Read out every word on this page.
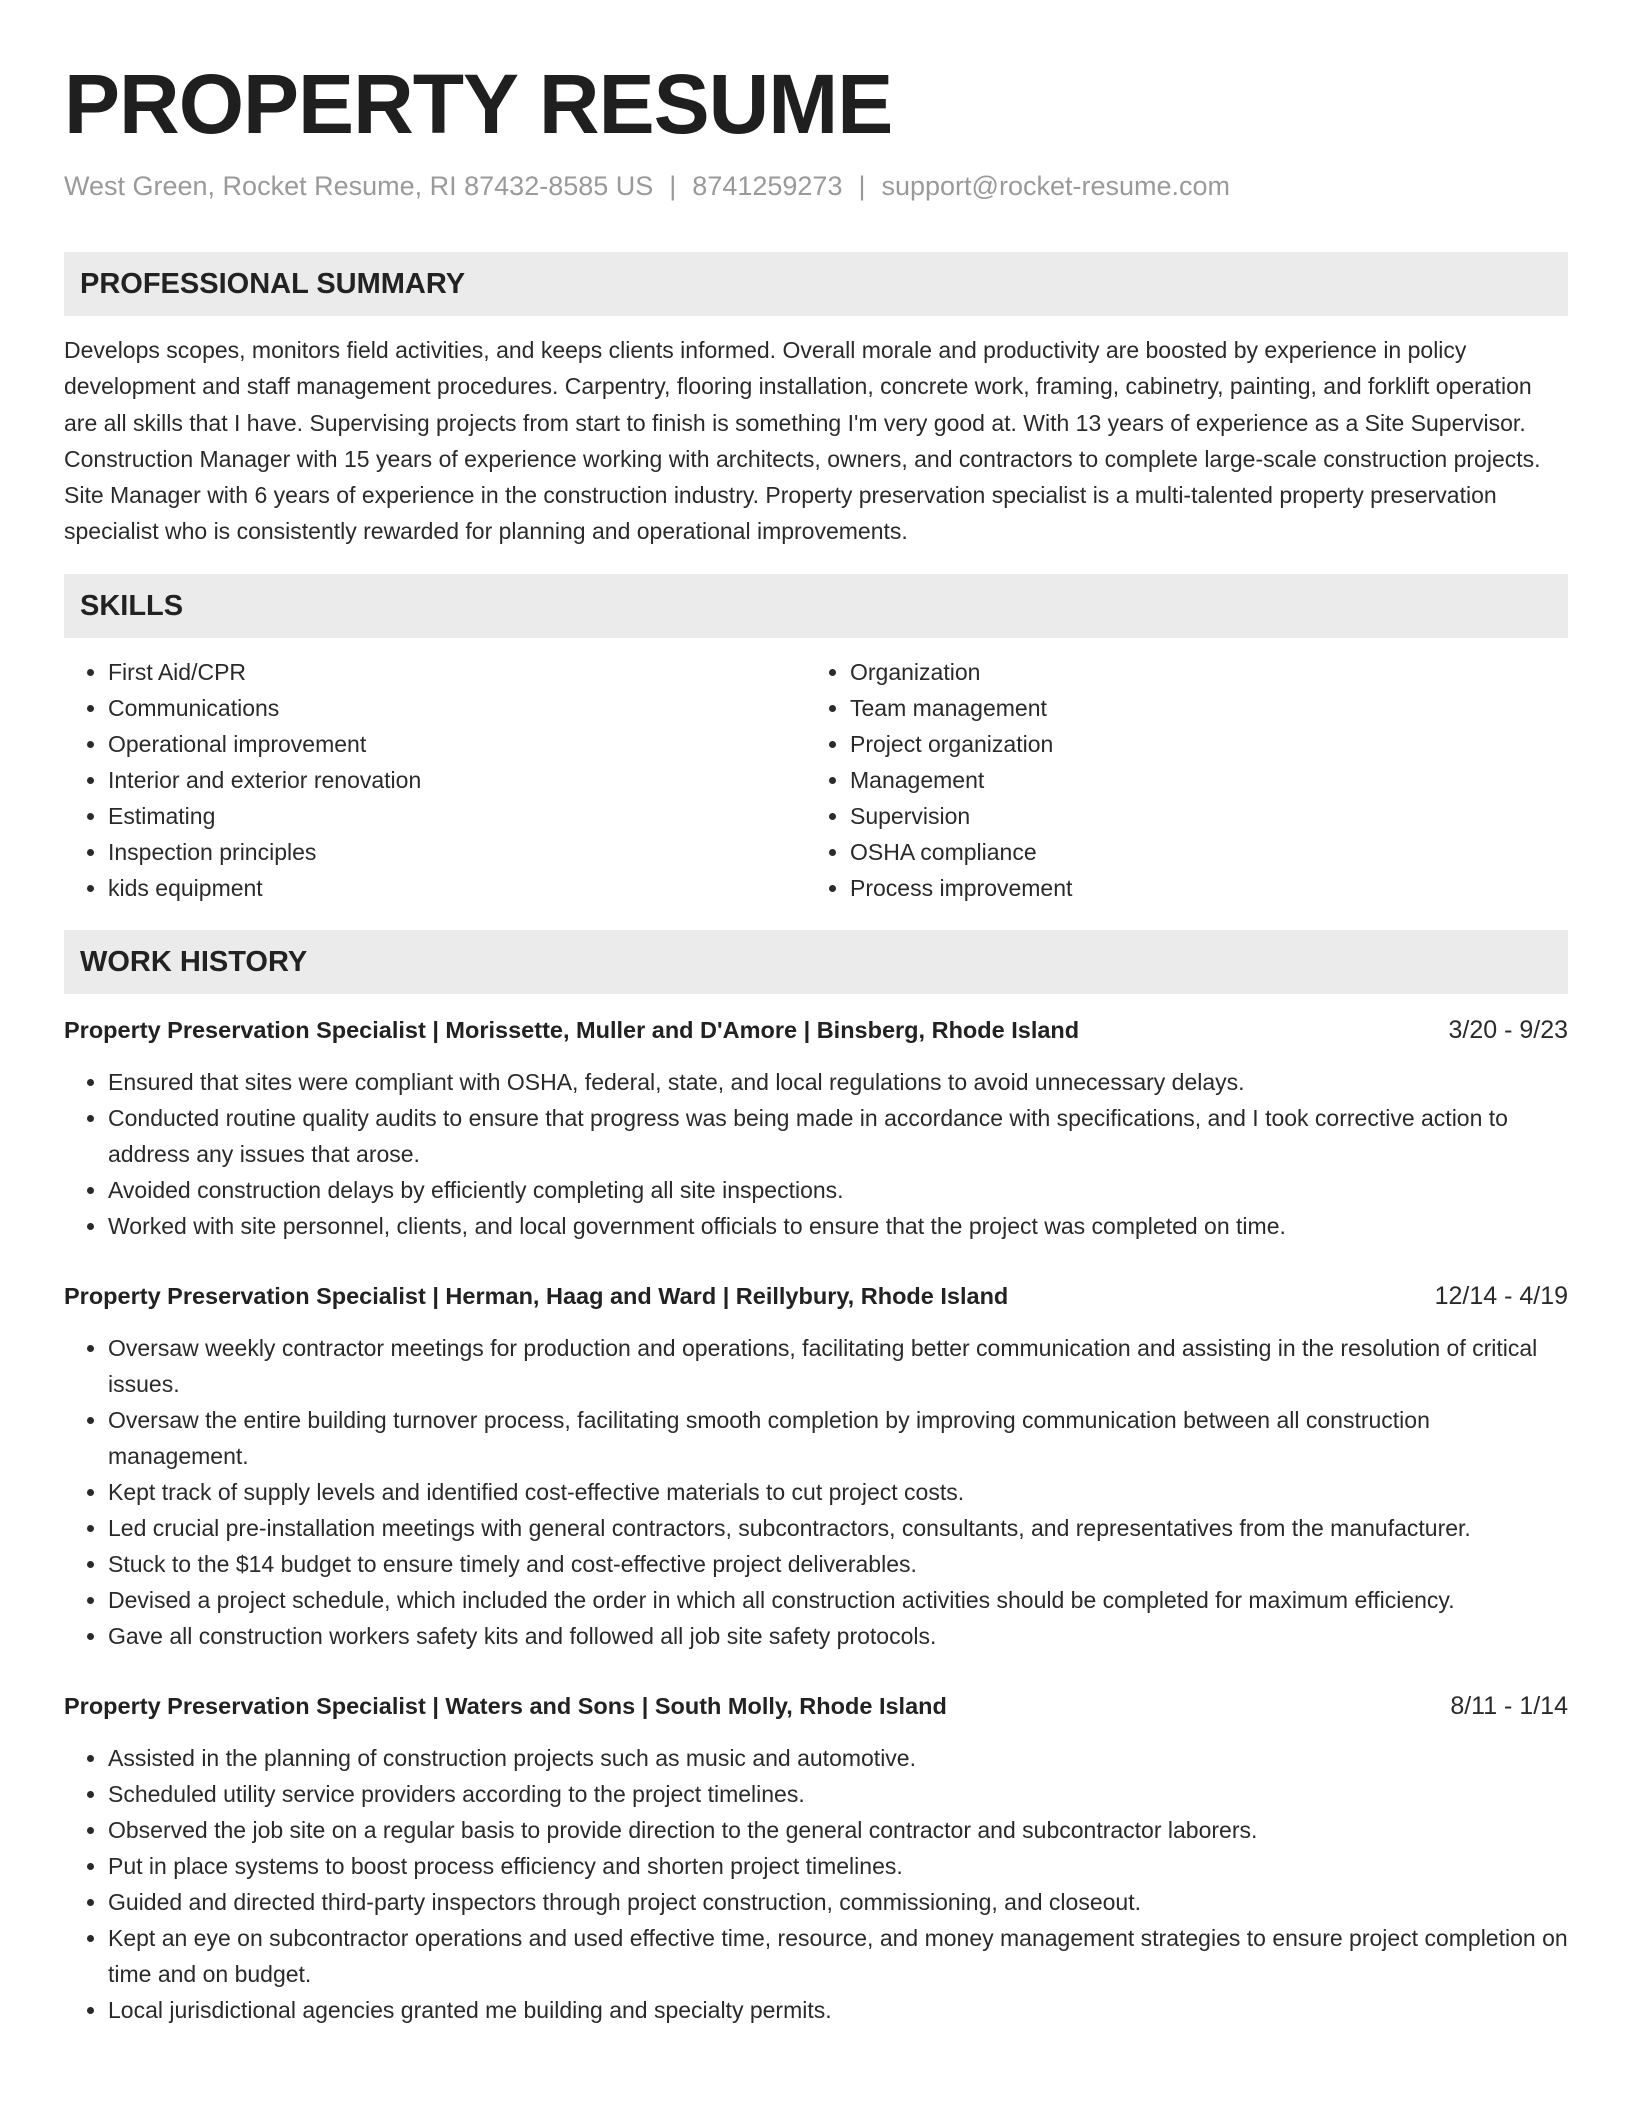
PROPERTY RESUME
West Green, Rocket Resume, RI 87432-8585 US | 8741259273 | support@rocket-resume.com
PROFESSIONAL SUMMARY

Develops scopes, monitors field activities, and keeps clients informed. Overall morale and productivity are boosted by experience in policy development and staff management procedures. Carpentry, flooring installation, concrete work, framing, cabinetry, painting, and forklift operation are all skills that I have. Supervising projects from start to finish is something I'm very good at. With 13 years of experience as a Site Supervisor. Construction Manager with 15 years of experience working with architects, owners, and contractors to complete large-scale construction projects. Site Manager with 6 years of experience in the construction industry. Property preservation specialist is a multi-talented property preservation specialist who is consistently rewarded for planning and operational improvements.

SKILLS
• First Aid/CPR
• Communications
• Operational improvement
• Interior and exterior renovation
• Estimating
• Inspection principles
• kids equipment
• Organization
• Team management
• Project organization
• Management
• Supervision
• OSHA compliance
• Process improvement
WORK HISTORY
Property Preservation Specialist | Morissette, Muller and D'Amore | Binsberg, Rhode Island	3/20 - 9/23
• Ensured that sites were compliant with OSHA, federal, state, and local regulations to avoid unnecessary delays.
• Conducted routine quality audits to ensure that progress was being made in accordance with specifications, and I took corrective action to address any issues that arose.
• Avoided construction delays by efficiently completing all site inspections.
• Worked with site personnel, clients, and local government officials to ensure that the project was completed on time.
Property Preservation Specialist | Herman, Haag and Ward | Reillybury, Rhode Island	12/14 - 4/19
• Oversaw weekly contractor meetings for production and operations, facilitating better communication and assisting in the resolution of critical issues.
• Oversaw the entire building turnover process, facilitating smooth completion by improving communication between all construction management.
• Kept track of supply levels and identified cost-effective materials to cut project costs.
• Led crucial pre-installation meetings with general contractors, subcontractors, consultants, and representatives from the manufacturer.
• Stuck to the $14 budget to ensure timely and cost-effective project deliverables.
• Devised a project schedule, which included the order in which all construction activities should be completed for maximum efficiency.
• Gave all construction workers safety kits and followed all job site safety protocols.
Property Preservation Specialist | Waters and Sons | South Molly, Rhode Island	8/11 - 1/14
• Assisted in the planning of construction projects such as music and automotive.
• Scheduled utility service providers according to the project timelines.
• Observed the job site on a regular basis to provide direction to the general contractor and subcontractor laborers.
• Put in place systems to boost process efficiency and shorten project timelines.
• Guided and directed third-party inspectors through project construction, commissioning, and closeout.
• Kept an eye on subcontractor operations and used effective time, resource, and money management strategies to ensure project completion on time and on budget.
• Local jurisdictional agencies granted me building and specialty permits.
